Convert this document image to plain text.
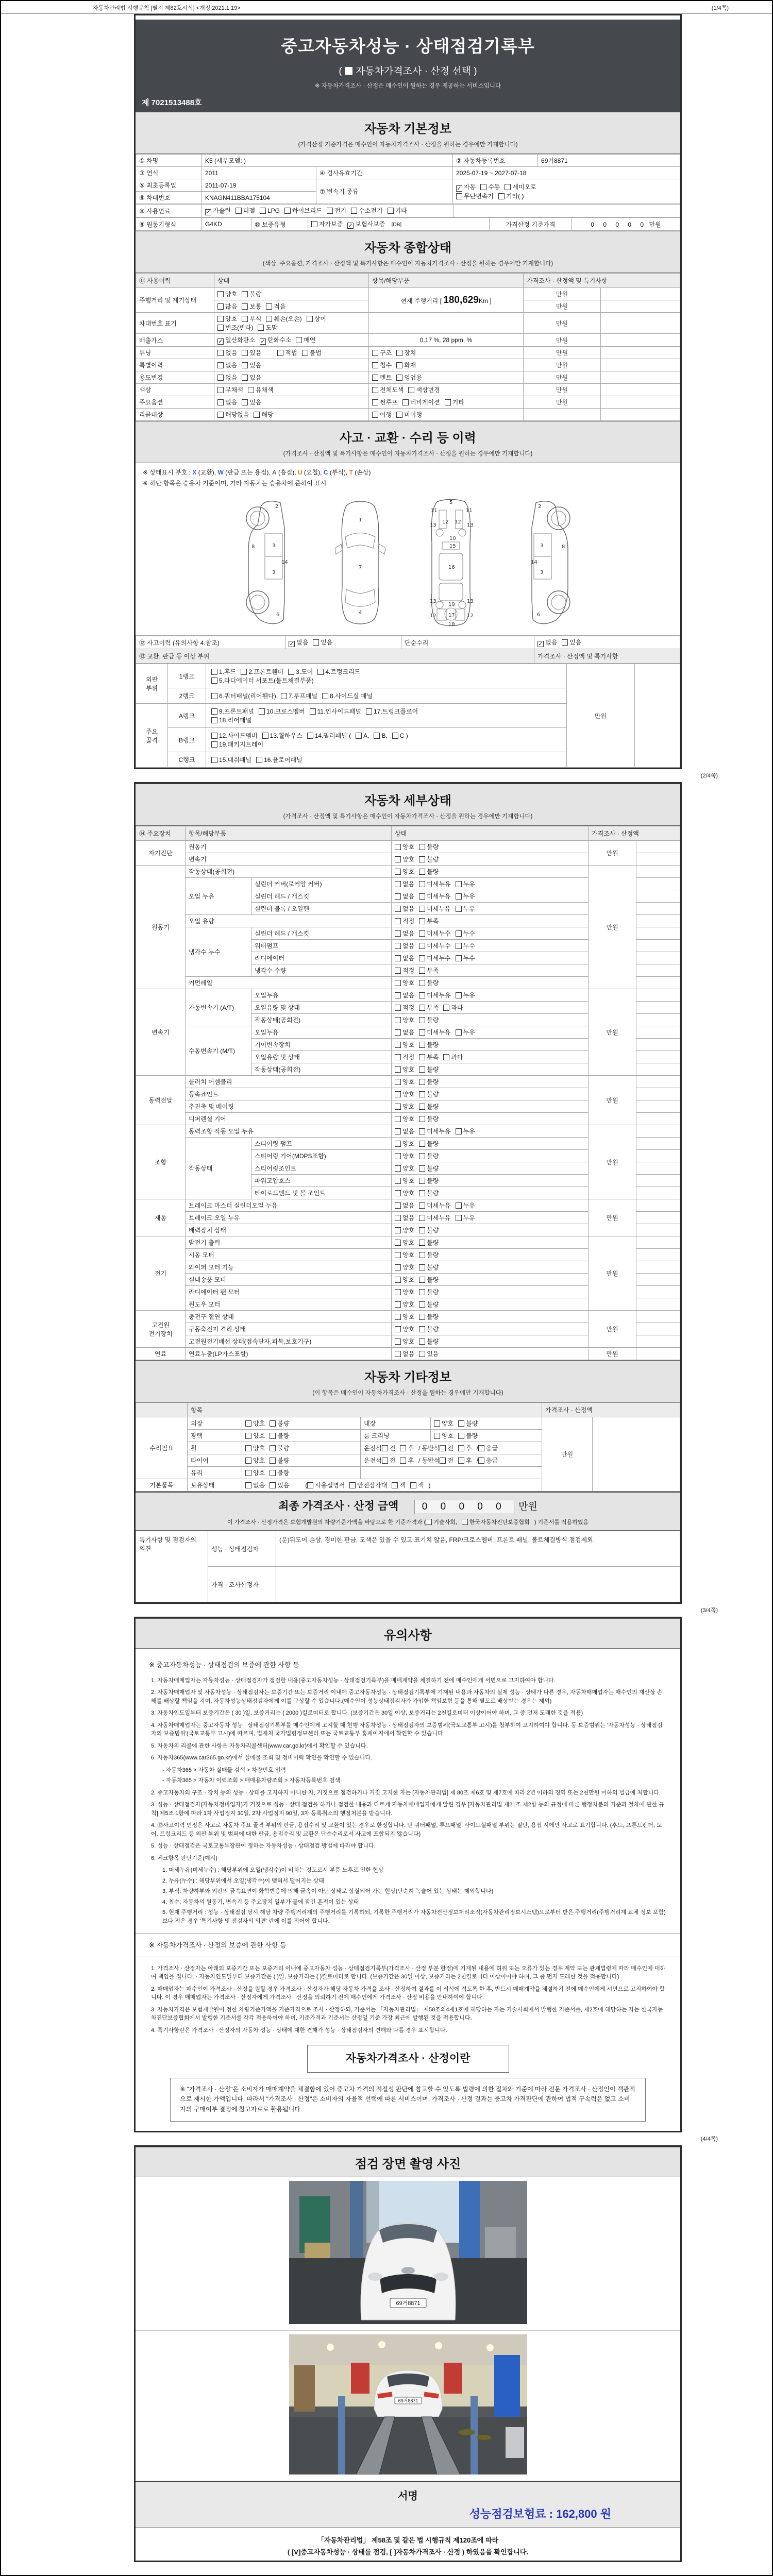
자동차관리법 시행규칙 [별지 제82호서식] <개정 2021.1.19>	(1/4쪽)
중고자동차성능 · 상태점검기록부
( 자동차가격조사 · 산정 선택 )
※ 자동차가격조사 · 산정은 매수인이 원하는 경우 제공하는 서비스입니다
제 7021513488호
자동차 기본정보
(가격산정 기준가격은 매수인이 자동차가격조사 · 산정을 원하는 경우에만 기재합니다)
① 차명	K5 (세부모델: )		② 자동차등록번호	69거8871
③ 연식	2011	④ 검사유효기간	2025-07-19 ~ 2027-07-18	
⑤ 최초등록일	2011-07-19	⑦ 변속기 종류	✓ 자동 수동 세미오토
무단변속기 기타( )	
⑥ 차대번호	KNAGN411BBA175104			
⑧ 사용연료	✓ 가솔린 디젤 LPG 하이브리드 전기 수소전기 기타	
⑨ 원동기형식	G4KD	⑩ 보증유형	자가보증 ✓ 보험사보증 [DB]	가격산정 기준가격	0 0 0 0 0 만원
자동차 종합상태
(색상, 주요옵션, 가격조사 · 산정액 및 특기사항은 매수인이 자동차가격조사 · 산정을 원하는 경우에만 기재합니다)
⑪ 사용이력	상태	항목/해당부품	가격조사 · 산정액 및 특기사항	
주행거리 및 계기상태	양호 불량	현재 주행거리 [ 180,629Km ]	만원	
	많음 보통 적음		만원	
차대번호 표기	양호 부식 훼손(오손) 상이변조(변타) 도말		만원	
배출가스	✓ 일산화탄소 ✓ 탄화수소 매연	0.17 %, 28 ppm, %	만원	
튜닝	없음 있음 적법 불법	구조 장치	만원	
특별이력	없음 있음	침수 화재	만원	
용도변경	없음 있음	렌트 영업용	만원	
색상	무채색 유채색	전체도색 색상변경	만원	
주요옵션	없음 있음	썬루프 네비게이션 기타	만원	
리콜대상	해당없음 해당	이행 미이행		
사고 · 교환 · 수리 등 이력
(가격조사 · 산정액 및 특기사항은 매수인이 자동차가격조사 · 산정을 원하는 경우에만 기재합니다)
※ 상태표시 부호 : X (교환), W (판금 또는 용접), A (흠집), U (요철), C (부식), T (손상)
※ 하단 항목은 승용차 기준이며, 기타 자동차는 승용차에 준하여 표시
2
8	3
14
3
6
1
7
4
5
11	11
13	13
12 12
10
15
16
13	13
19
12	12
17
18
2
8
3
14
3
6
⑫ 사고이력 (유의사항 4.참조)	✓ 없음 있음	단순수리	✓ 없음 있음
⑬ 교환, 판금 등 이상 부위			가격조사 · 산정액 및 특기사항
외판 부위	1랭크	1.후드 2.프론트휀더 3.도어 4.트렁크리드
5.라디에이터 서포트(볼트체결부품)	만원	
	2랭크	6.쿼터패널(리어휀다) 7.루프패널 8.사이드실 패널		
주요 골격	A랭크	9.프론트패널 10.크로스멤버 11.인사이드패널 17.트렁크플로어
18.리어패널		
	B랭크	12.사이드멤버 13.휠하우스 14.필러패널 ( A, B, C )
19.패키지트레이		
	C랭크	15.대쉬패널 16.플로어패널		
(2/4쪽)
자동차 세부상태
(가격조사 · 산정액 및 특기사항은 매수인이 자동차가격조사 · 산정을 원하는 경우에만 기재합니다)
⑭ 주요장치	항목/해당부품		상태	가격조사 · 산정액	
자기진단	원동기		양호 불량	만원	
	변속기		양호 불량		
원동기	작동상태(공회전)		양호 불량	만원	
	오일 누유	실린더 커버(로커암 커버)	없음 미세누유 누유		
		실린더 헤드 / 개스킷	없음 미세누유 누유		
		실린더 블록 / 오일팬	없음 미세누유 누유		
	오일 유량		적정 부족		
	냉각수 누수	실린더 헤드 / 개스킷	없음 미세누수 누수		
		워터펌프	없음 미세누수 누수		
		라디에이터	없음 미세누수 누수		
		냉각수 수량	적정 부족		
	커먼레일		양호 불량		
변속기	자동변속기 (A/T)	오일누유	없음 미세누유 누유	만원	
		오일유량 및 상태	적정 부족 과다		
		작동상태(공회전)	양호 불량		
	수동변속기 (M/T)	오일누유	없음 미세누유 누유		
		기어변속장치	양호 불량		
		오일유량 및 상태	적정 부족 과다		
		작동상태(공회전)	양호 불량		
동력전달	클러치 어셈블리		양호 불량	만원	
	등속죠인트		양호 불량		
	추진축 및 베어링		양호 불량		
	디퍼렌셜 기어		양호 불량		
조향	동력조향 작동 오일 누유		없음 미세누유 누유	만원	
	작동상태	스티어링 펌프	양호 불량		
		스티어링 기어(MDPS포함)	양호 불량		
		스티어링조인트	양호 불량		
		파워고압호스	양호 불량		
		타이로드엔드 및 볼 조인트	양호 불량		
제동	브레이크 마스터 실린더오일 누유		없음 미세누유 누유	만원	
	브레이크 오일 누유		없음 미세누유 누유		
	배력장치 상태		양호 불량		
전기	발전기 출력		양호 불량	만원	
	시동 모터		양호 불량		
	와이퍼 모터 기능		양호 불량		
	실내송풍 모터		양호 불량		
	라디에이터 팬 모터		양호 불량		
	윈도우 모터		양호 불량		
고전원 전기장치	충전구 절연 상태		양호 불량	만원	
	구동축전지 격리 상태		양호 불량		
	고전원전기배선 상태(접속단자,피복,보호기구)		양호 불량		
연료	연료누출(LP가스포함)		없음 있음	만원	
자동차 기타정보
(이 항목은 매수인이 자동차가격조사 · 산정을 원하는 경우에만 기재합니다)
	항목				가격조사 · 산정액	
수리필요	외장	양호 불량	내장	양호 불량	만원	
	광택	양호 불량	룸 크리닝	양호 불량		
	휠	양호 불량	운전석 전 후 / 동반석 전 후 / 응급			
	타이어	양호 불량	운전석 전 후 / 동반석 전 후 / 응급			
	유리	양호 불량				
기본품목	보유상태	없음 있음 ( 사용설명서 안전삼각대 잭 잭 )				
최종 가격조사 · 산정 금액 0 0 0 0 0 만원
이 가격조사 · 산정가격은 보험개발원의 차량기준가액을 바탕으로 한 기준가격과 ( 기술사회, 한국자동차진단보증협회 ) 기준서를 적용하였음
특기사항 및 점검자의 의견	성능 · 상태점검자	(운)뒤도어 손상, 경미한 판금, 도색은 있을 수 있고 표기치 않음, FRP/크로스멤버, 프론트 패널, 볼트체결방식 점검제외.
	가격 · 조사산정자	
(3/4쪽)
유의사항
※ 중고자동차성능 · 상태점검의 보증에 관한 사항 등

1. 자동차매매업자는 자동차성능 · 상태점검자가 점검한 내용(중고자동차성능 · 상태점검기록부)을 매매계약을 체결하기 전에 매수인에게 서면으로 고지하여야 합니다.

2. 자동차매매업자 및 자동차성능 · 상태점검자는 보증기간 또는 보증거리 이내에 중고자동차성능 · 상태점검기록부에 기재된 내용과 자동차의 실제 성능 · 상태가 다른 경우, 자동차매매업자는 매수인의 재산상 손해를 배상할 책임을 지며, 자동차성능상태점검자에게 이를 구상할 수 있습니다.(매수인이 성능상태점검자가 가입한 책임보험 등을 통해 별도로 배상받는 경우는 제외)

3. 자동차인도일부터 보증기간은 ( 30 )일, 보증거리는 ( 2000 )킬로미터로 합니다. (보증기간은 30일 이상, 보증거리는 2천킬로미터 이상이어야 하며, 그 중 먼저 도래한 것을 적용)

4. 자동차매매업자는 중고자동차 성능 · 상태점검기록부를 매수인에게 고지할 때 현행 자동차성능 · 상태점검자의 보증범위(국토교통부 고시)를 첨부하여 고지하여야 합니다. 동 보증범위는 '자동차성능 · 상태점검자의 보증범위'(국토교통부 고시)에 따르며, 법제처 국가법령정보센터 또는 국토교통부 홈페이지에서 확인할 수 있습니다.

5. 자동차의 리콜에 관한 사항은 자동차리콜센터(www.car.go.kr)에서 확인할 수 있습니다.

6. 자동차365(www.car365.go.kr)에서 실매물 조회 및 정비이력 확인을 확인할 수 있습니다.

- 자동차365 > 자동차 실매물 검색 > 차량번호 입력

- 자동차365 > 자동차 이력조회 > 매매용차량조회 > 자동차등록번호 검색

2. 중고자동차의 구조 · 장치 등의 성능 · 상태를 고지하지 아니한 자, 거짓으로 점검하거나 거짓 고지한 자는 [자동차관리법] 제 80조 제6호 및 제7호에 따라 2년 이하의 징역 또는 2천만원 이하의 벌금에 처합니다.

3. 성능 · 상태점검자(자동차정비업자)가 거짓으로 성능 · 상태 점검을 하거나 점검한 내용과 다르게 자동차매매업자에게 알린 경우 [자동차관리법 제21조 제2항 등의 규정에 따른 행정처분의 기준과 절차에 관한 규칙] 제5조 1항에 따라 1차 사업정지 30일, 2차 사업정지 90일, 3차 등록취소의 행정처분을 받습니다.

4. ⑫사고이력 인정은 사고로 자동차 주요 골격 부위의 판금, 용접수리 및 교환이 있는 경우로 한정합니다. 단 쿼터패널, 루프패널, 사이드실패널 부위는 절단, 용접 시에만 사고로 표기합니다. (후드, 프론트펜더, 도어, 트렁크리드 등 외판 부위 및 범퍼에 대한 판금, 용접수리 및 교환은 단순수리로서 사고에 포함되지 않습니다)

5. 성능 · 상태점검은 국토교통부장관이 정하는 자동차성능 · 상태점검 방법에 따라야 합니다.

6. 체크항목 판단기준(예시)

1. 미세누유(미세누수) : 해당부위에 오일(냉각수)이 비치는 정도로서 부품 노후로 인한 현상

2. 누유(누수) : 해당부위에서 오일(냉각수)이 맺혀서 떨어지는 상태

3. 부식: 차량하부와 외판의 금속표면이 화학반응에 의해 금속이 아닌 상태로 상실되어 가는 현상(단순히 녹슬어 있는 상태는 제외합니다)

4. 침수: 자동차의 원동기, 변속기 등 주요장치 일부가 물에 잠긴 흔적이 있는 상태

5. 현재 주행거리 : 성능 · 상태점검 당시 해당 차량 주행거리계의 주행거리를 기록하되, 기록한 주행거리가 자동차전산정보처리조직(자동차관리정보시스템)으로부터 받은 주행거리(주행거리계 교체 정보 포함)보다 적은 경우 '특기사항 및 점검자의 의견' 란에 이를 적어야 합니다.

※ 자동차가격조사 · 산정의 보증에 관한 사항 등

1. 가격조사 · 산정자는 아래의 보증기간 또는 보증거리 이내에 중고자동차 성능 · 상태점검기록부(가격조사 · 산정 부분 한정)에 기재된 내용에 허위 또는 오류가 있는 경우 계약 또는 관계법령에 따라 매수인에 대하여 책임을 집니다. · 자동차인도일부터 보증기간은 ( )일, 보증거리는 ( )킬로미터로 합니다. (보증기간은 30일 이상, 보증거리는 2천킬로미터 이상이어야 하며, 그 중 먼저 도래한 것을 적용합니다)

2. 매매업자는 매수인이 가격조사 · 산정을 원할 경우 가격조사 · 산정자가 해당 자동차 가격을 조사 · 산정하여 결과를 이 서식에 적도록 한 후, 반드시 매매계약을 체결하기 전에 매수인에게 서면으로 고지하여야 합니다. 이 경우 매매업자는 가격조사 · 산정자에게 가격조사 · 산정을 의뢰하기 전에 매수인에게 가격조사 · 산정 비용을 안내하여야 합니다.

3. 자동차가격은 보험개발원이 정한 차량기준가액을 기준가격으로 조사 · 산정하되, 기준서는 「자동차관리법」 제58조의4제1호에 해당하는 자는 기술사회에서 발행한 기준서를, 제2호에 해당하는 자는 한국자동차진단보증협회에서 발행한 기준서를 각각 적용하여야 하며, 기준가격과 기준서는 산정일 기준 가장 최근에 발행된 것을 적용합니다.

4. 특기사항란은 가격조사 · 산정자의 자동차 성능 · 상태에 대한 견해가 성능 · 상태점검자의 견해와 다를 경우 표시합니다.

자동차가격조사 · 산정이란
※ "가격조사 · 산정"은 소비자가 매매계약을 체결함에 있어 중고차 가격의 적절성 판단에 참고할 수 있도록 법령에 의한 절차와 기준에 따라 전문 가격조사 · 산정인이 객관적으로 제시한 가액입니다. 따라서 "가격조사 · 산정"은 소비자의 자율적 선택에 따른 서비스이며, 가격조사 · 산정 결과는 중고차 가격판단에 관하여 법적 구속력은 없고 소비자의 구매여부 결정에 참고자료로 활용됩니다.
(4/4쪽)
점검 장면 촬영 사진
69거8871
69거8871
서명
성능점검보험료 : 162,800 원
「자동차관리법」 제58조 및 같은 법 시행규칙 제120조에 따라
( [V]중고자동차성능 · 상태를 점검, [ ]자동차가격조사 · 산정 ) 하였음을 확인합니다.
